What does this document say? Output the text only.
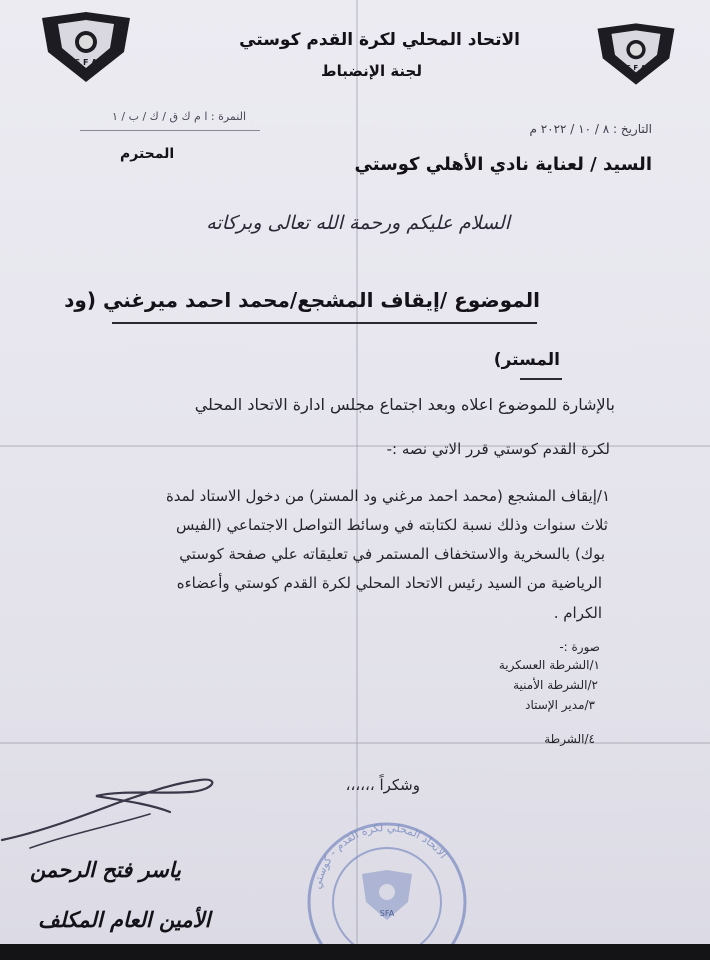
S F A
S F A
الاتحاد المحلي لكرة القدم كوستي
لجنة الإنضباط
النمرة : ا م ك ق / ك / ب / ١
التاريخ : ٨ / ١٠ / ٢٠٢٢ م
السيد / لعناية نادي الأهلي كوستي
المحترم
السلام عليكم ورحمة الله تعالى وبركاته
الموضوع /إيقاف المشجع/محمد احمد ميرغني (ود
المستر)
بالإشارة للموضوع اعلاه وبعد اجتماع مجلس ادارة الاتحاد المحلي
لكرة القدم كوستي قرر الاتي نصه :-
١/إيقاف المشجع (محمد احمد مرغني ود المستر) من دخول الاستاد لمدة
ثلاث سنوات وذلك نسبة لكتابته في وسائط التواصل الاجتماعي (الفيس
بوك) بالسخرية والاستخفاف المستمر في تعليقاته علي صفحة كوستي
الرياضية من السيد رئيس الاتحاد المحلي لكرة القدم كوستي وأعضاءه
الكرام .
صورة :-
١/الشرطة العسكرية
٢/الشرطة الأمنية
٣/مدير الإستاد
٤/الشرطة
وشكراً ،،،،،،
ياسر فتح الرحمن
الأمين العام المكلف
الاتحاد المحلي لكرة القدم - كوستي
SFA
